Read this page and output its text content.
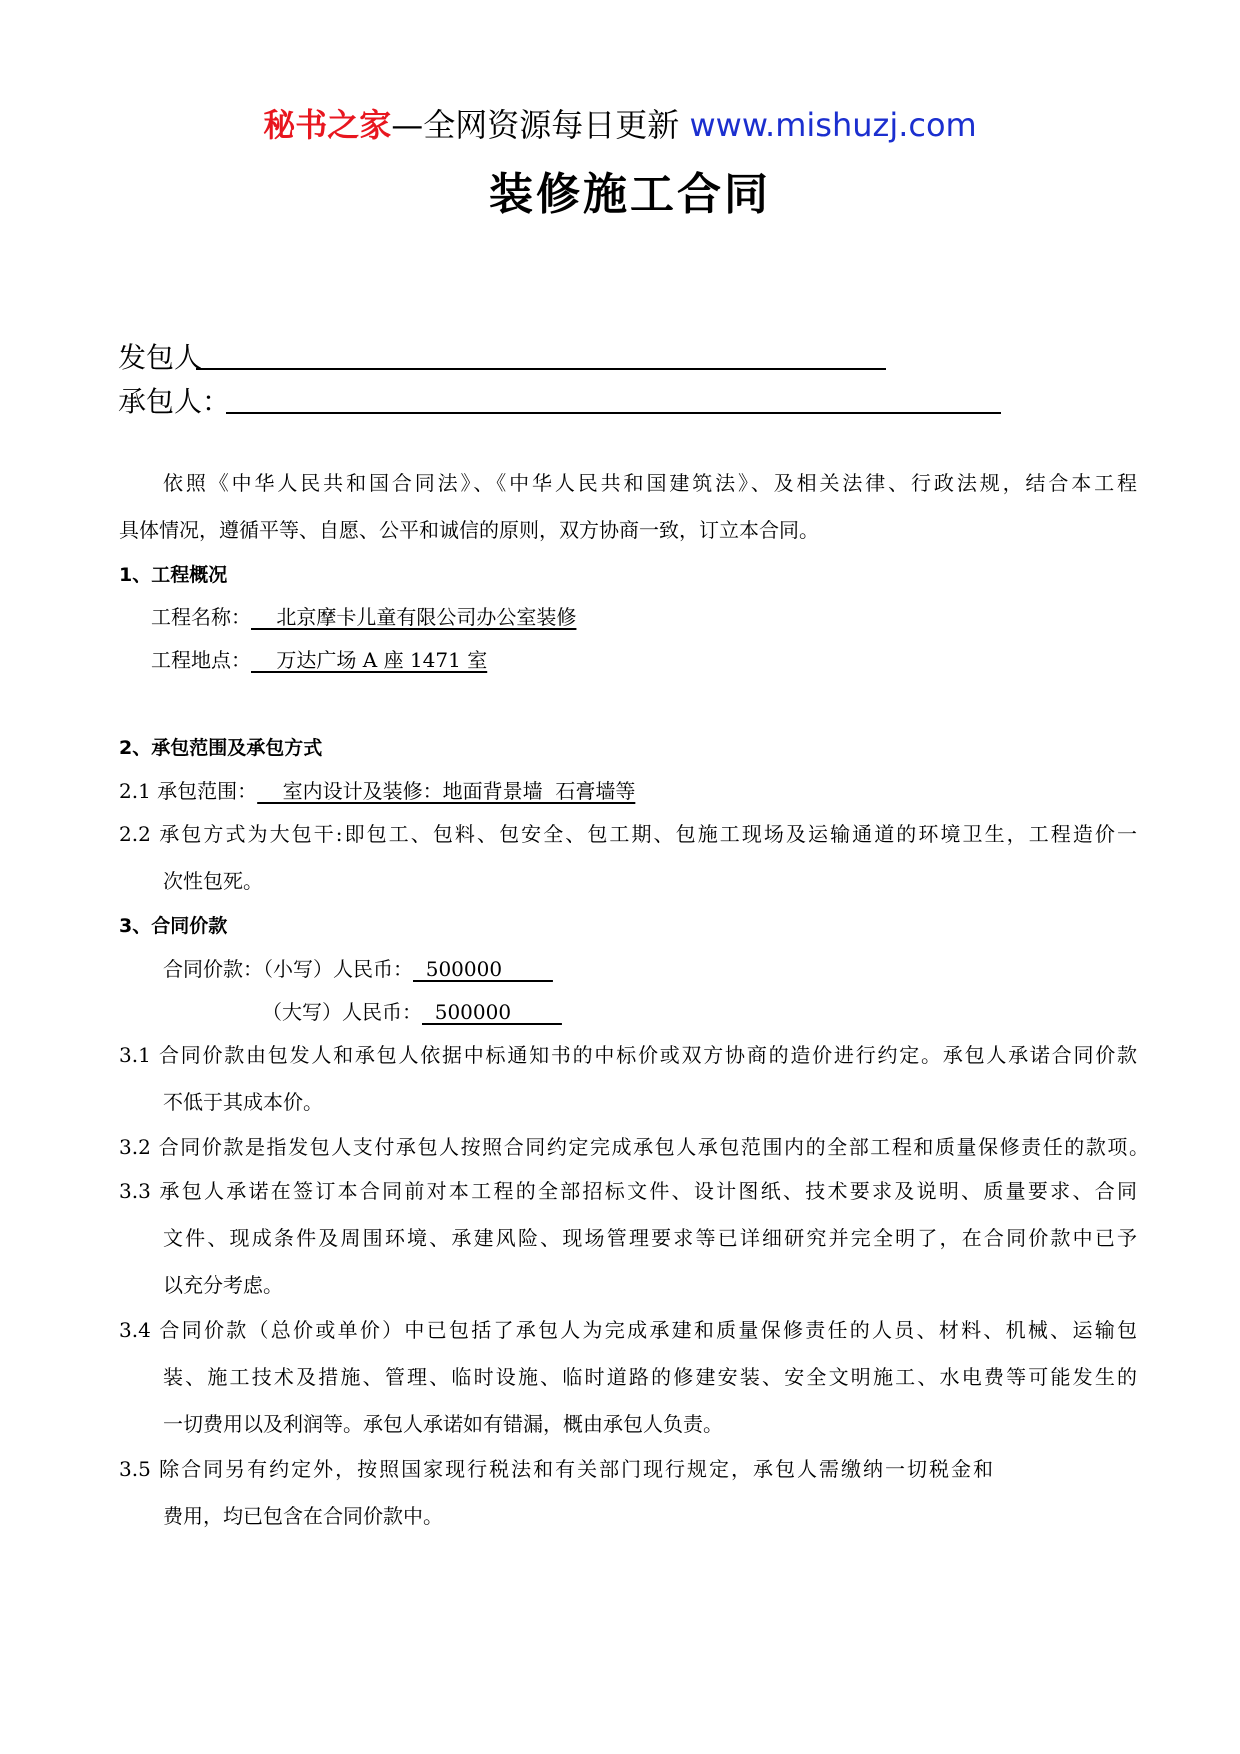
秘书之家—全网资源每日更新 www.mishuzj.com
装修施工合同
发包人
承包人：
依照《中华人民共和国合同法》、《中华人民共和国建筑法》、及相关法律、行政法规，结合本工程
具体情况，遵循平等、自愿、公平和诚信的原则，双方协商一致，订立本合同。
1、工程概况
工程名称：    北京摩卡儿童有限公司办公室装修
工程地点：    万达广场 A 座 1471 室
2、承包范围及承包方式
2.1 承包范围：    室内设计及装修：地面背景墙  石膏墙等
2.2 承包方式为大包干:即包工、包料、包安全、包工期、包施工现场及运输通道的环境卫生，工程造价一
次性包死。
3、合同价款
合同价款：（小写）人民币：  500000
（大写）人民币：  500000
3.1 合同价款由包发人和承包人依据中标通知书的中标价或双方协商的造价进行约定。承包人承诺合同价款
不低于其成本价。
3.2 合同价款是指发包人支付承包人按照合同约定完成承包人承包范围内的全部工程和质量保修责任的款项。
3.3 承包人承诺在签订本合同前对本工程的全部招标文件、设计图纸、技术要求及说明、质量要求、合同
文件、现成条件及周围环境、承建风险、现场管理要求等已详细研究并完全明了，在合同价款中已予
以充分考虑。
3.4 合同价款（总价或单价）中已包括了承包人为完成承建和质量保修责任的人员、材料、机械、运输包
装、施工技术及措施、管理、临时设施、临时道路的修建安装、安全文明施工、水电费等可能发生的
一切费用以及利润等。承包人承诺如有错漏，概由承包人负责。
3.5 除合同另有约定外，按照国家现行税法和有关部门现行规定，承包人需缴纳一切税金和
费用，均已包含在合同价款中。
